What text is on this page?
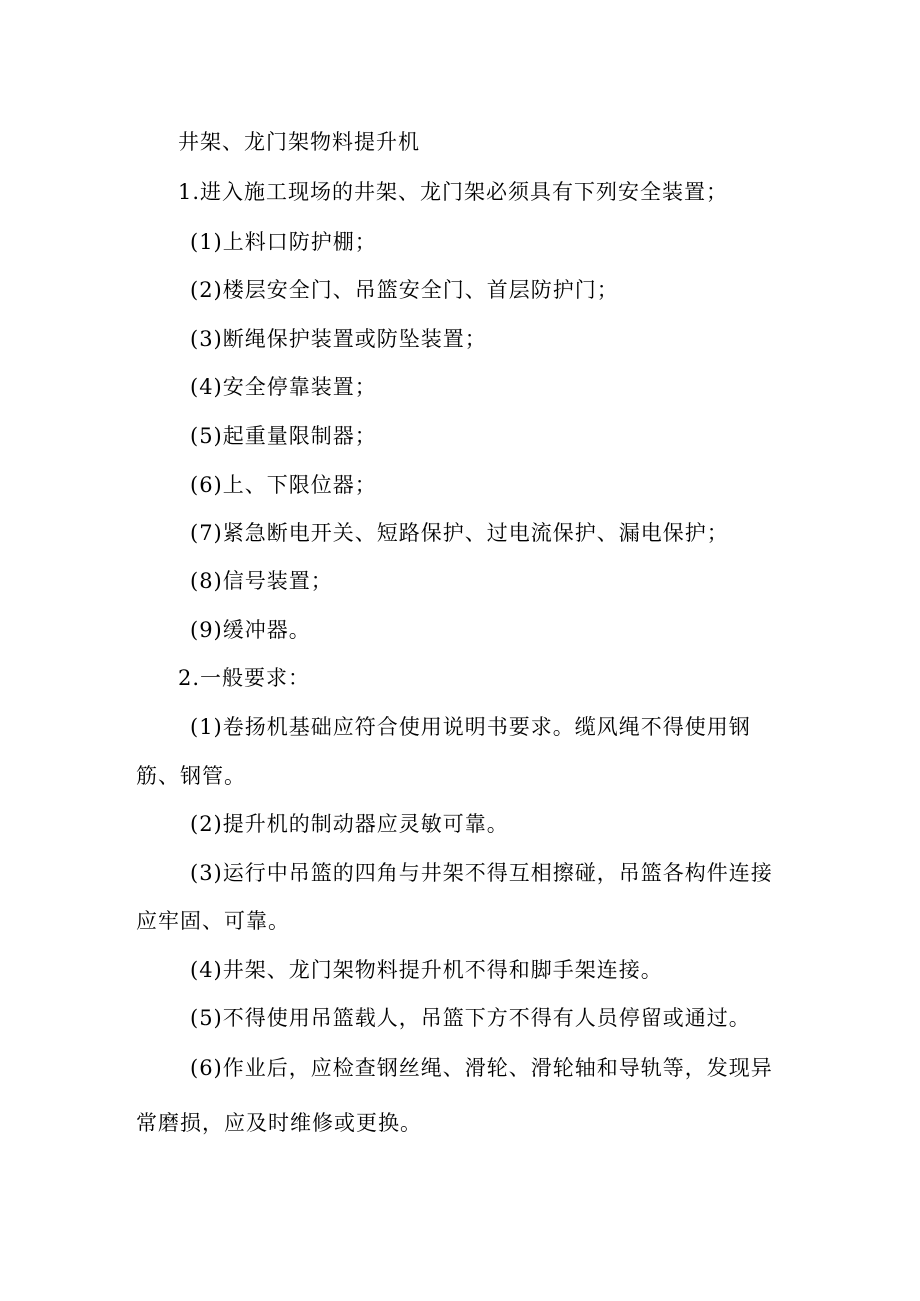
井架、龙门架物料提升机
1.进入施工现场的井架、龙门架必须具有下列安全装置；
(1)上料口防护棚；
(2)楼层安全门、吊篮安全门、首层防护门；
(3)断绳保护装置或防坠装置；
(4)安全停靠装置；
(5)起重量限制器；
(6)上、下限位器；
(7)紧急断电开关、短路保护、过电流保护、漏电保护；
(8)信号装置；
(9)缓冲器。
2.一般要求：
(1)卷扬机基础应符合使用说明书要求。缆风绳不得使用钢
筋、钢管。
(2)提升机的制动器应灵敏可靠。
(3)运行中吊篮的四角与井架不得互相擦碰，吊篮各构件连接
应牢固、可靠。
(4)井架、龙门架物料提升机不得和脚手架连接。
(5)不得使用吊篮载人，吊篮下方不得有人员停留或通过。
(6)作业后，应检查钢丝绳、滑轮、滑轮轴和导轨等，发现异
常磨损，应及时维修或更换。
